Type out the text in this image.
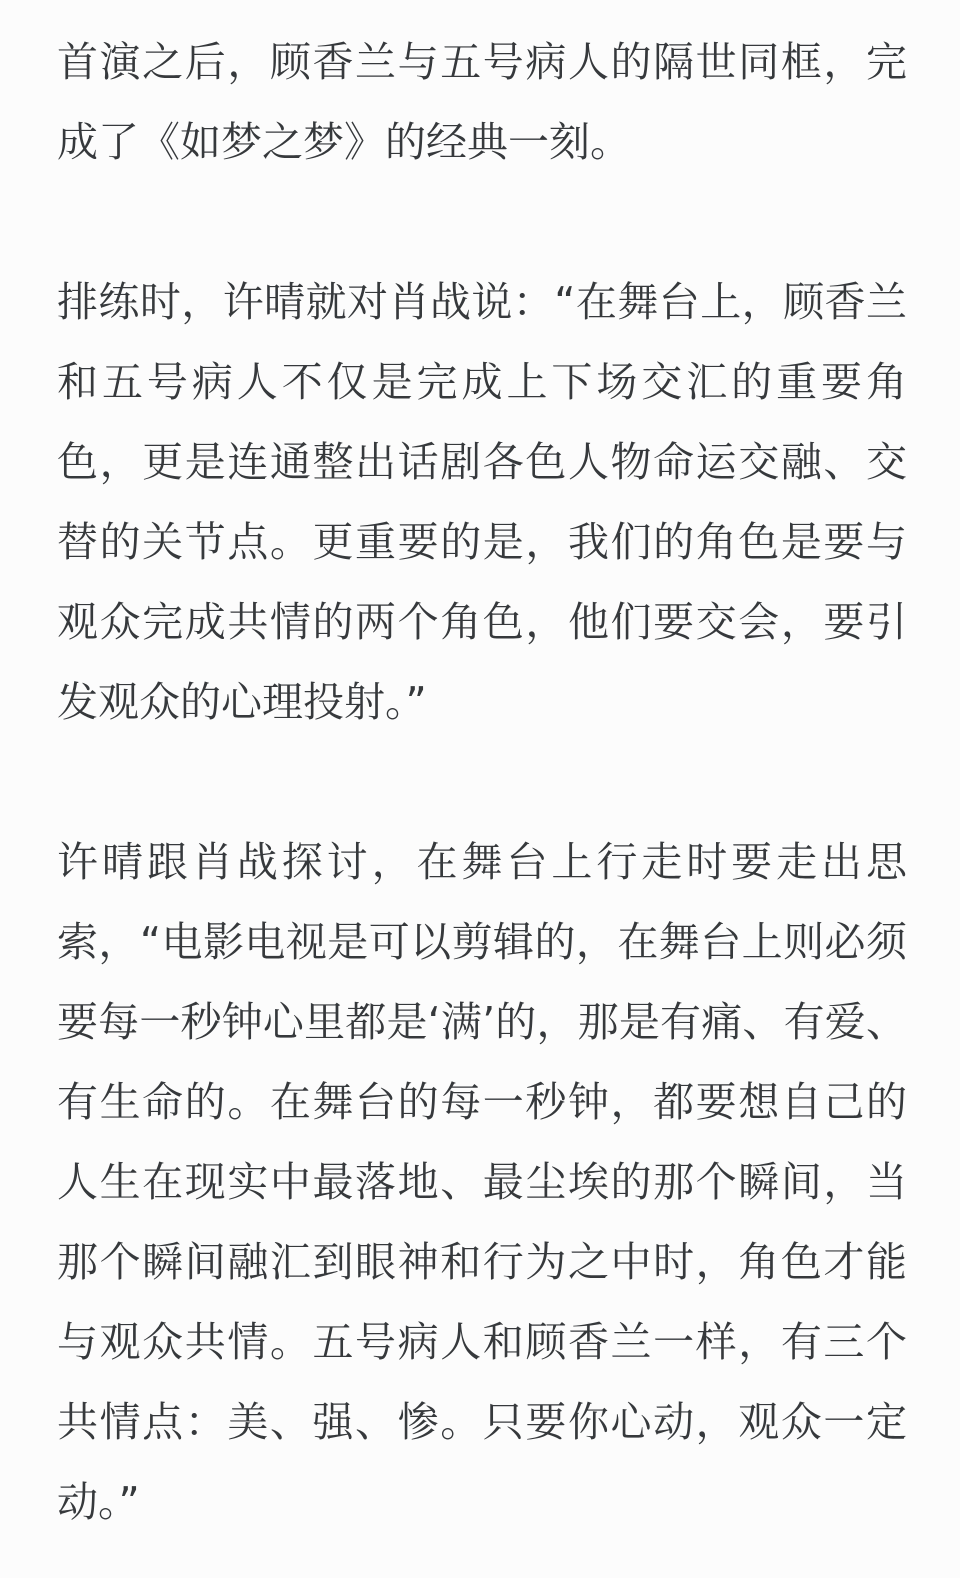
首演之后，顾香兰与五号病人的隔世同框，完
成了《如梦之梦》的经典一刻。
排练时，许晴就对肖战说：“在舞台上，顾香兰
和五号病人不仅是完成上下场交汇的重要角
色，更是连通整出话剧各色人物命运交融、交
替的关节点。更重要的是，我们的角色是要与
观众完成共情的两个角色，他们要交会，要引
发观众的心理投射。”
许晴跟肖战探讨，在舞台上行走时要走出思
索，“电影电视是可以剪辑的，在舞台上则必须
要每一秒钟心里都是‘满’的，那是有痛、有爱、
有生命的。在舞台的每一秒钟，都要想自己的
人生在现实中最落地、最尘埃的那个瞬间，当
那个瞬间融汇到眼神和行为之中时，角色才能
与观众共情。五号病人和顾香兰一样，有三个
共情点：美、强、惨。只要你心动，观众一定
动。”
